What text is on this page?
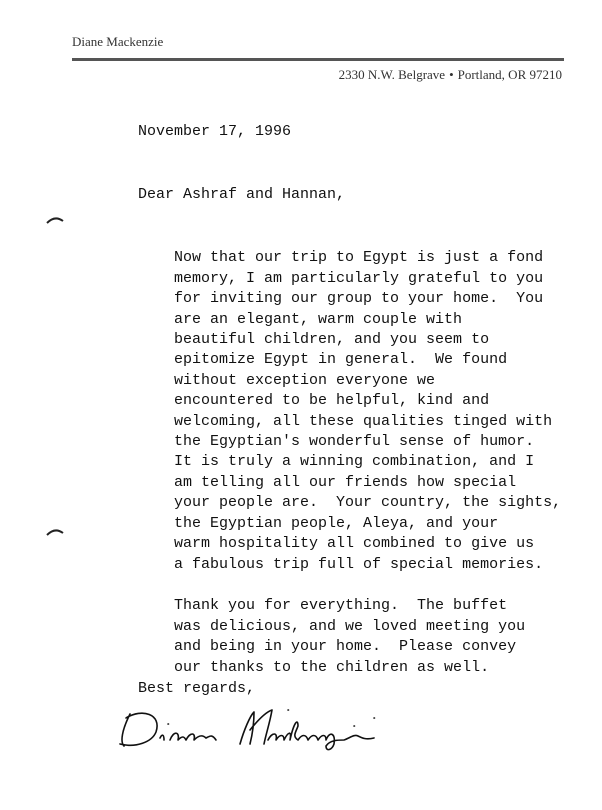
Diane Mackenzie
2330 N.W. Belgrave • Portland, OR 97210
November 17, 1996
Dear Ashraf and Hannan,

Now that our trip to Egypt is just a fond
memory, I am particularly grateful to you
for inviting our group to your home.  You
are an elegant, warm couple with
beautiful children, and you seem to
epitomize Egypt in general.  We found
without exception everyone we
encountered to be helpful, kind and
welcoming, all these qualities tinged with
the Egyptian's wonderful sense of humor.
It is truly a winning combination, and I
am telling all our friends how special
your people are.  Your country, the sights,
the Egyptian people, Aleya, and your
warm hospitality all combined to give us
a fabulous trip full of special memories.

Thank you for everything.  The buffet
was delicious, and we loved meeting you
and being in your home.  Please convey
our thanks to the children as well.

Best regards,
